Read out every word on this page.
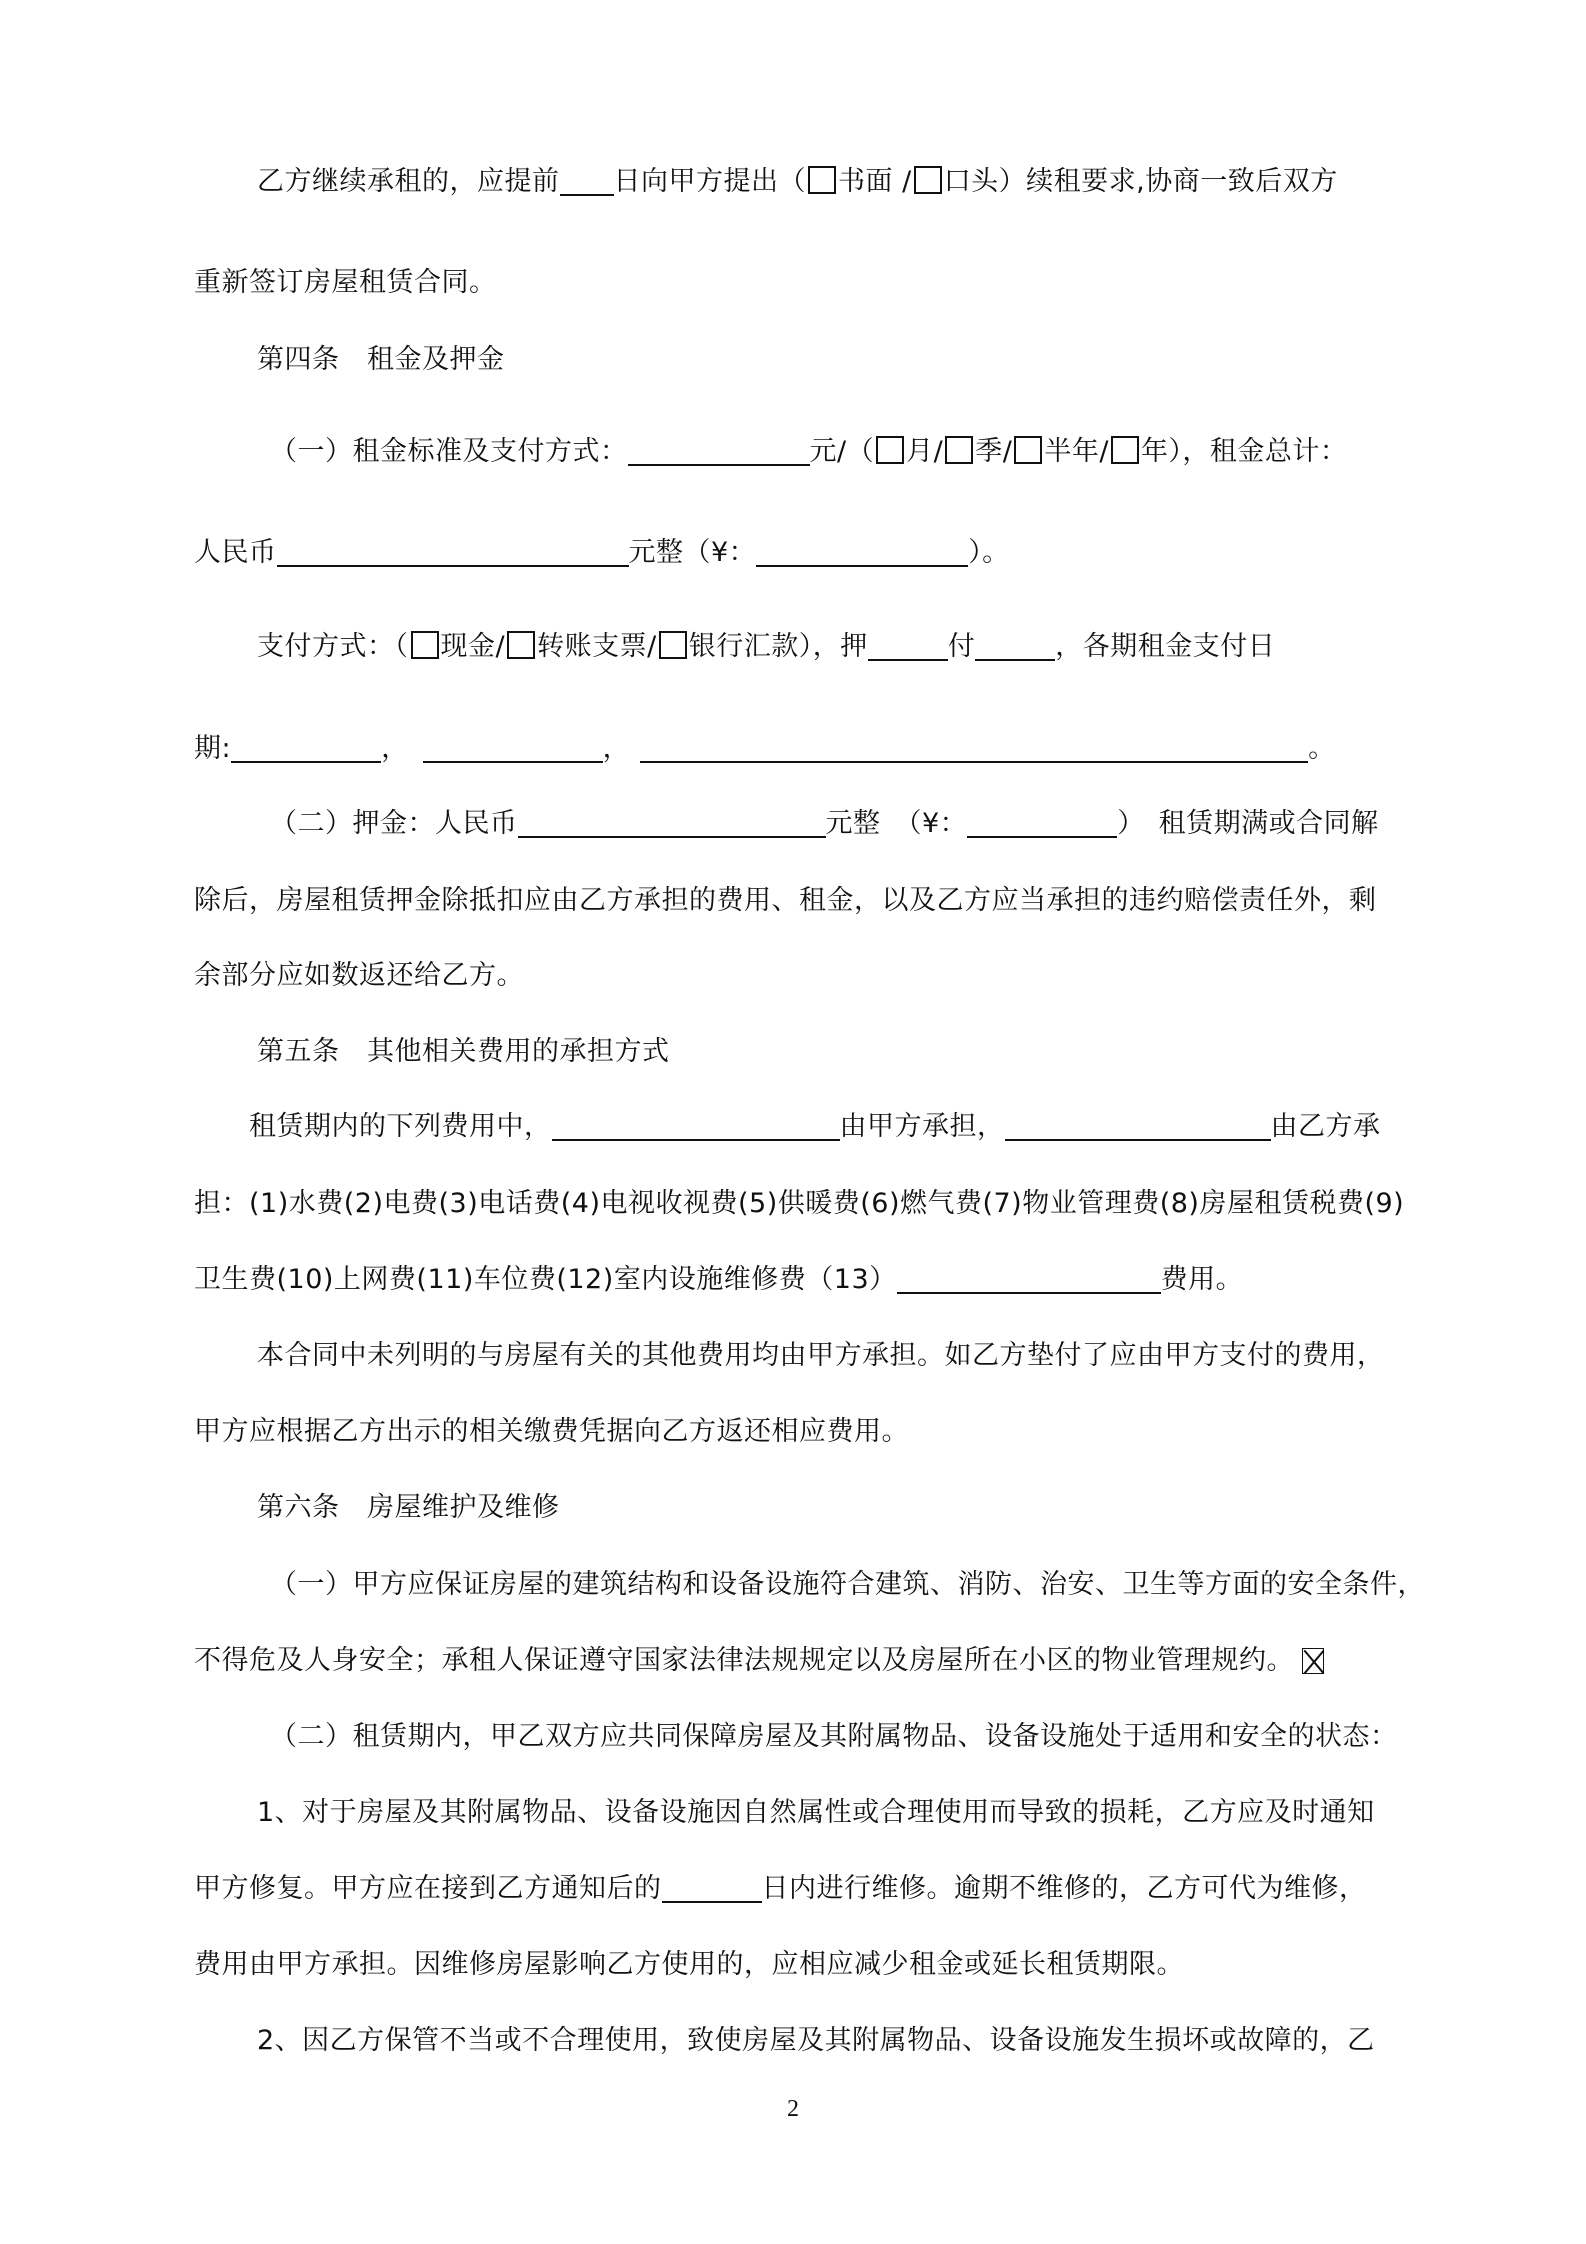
乙方继续承租的，应提前 日向甲方提出（ 书面 / 口头）续租要求,协商一致后双方
重新签订房屋租赁合同。
第四条　租金及押金
（一）租金标准及支付方式：	元/（ 月/ 季/ 半年/ 年），租金总计：
人民币	元整（¥：	）。
支付方式：（ 现金/ 转账支票/ 银行汇款），押	付	，各期租金支付日
期:	，	，	。
（二）押金：人民币	元整　（¥：	）　租赁期满或合同解
除后，房屋租赁押金除抵扣应由乙方承担的费用、租金，以及乙方应当承担的违约赔偿责任外，剩
余部分应如数返还给乙方。
第五条　其他相关费用的承担方式
租赁期内的下列费用中，	由甲方承担，	由乙方承
担：(1)水费(2)电费(3)电话费(4)电视收视费(5)供暖费(6)燃气费(7)物业管理费(8)房屋租赁税费(9)
卫生费(10)上网费(11)车位费(12)室内设施维修费（13）	费用。
本合同中未列明的与房屋有关的其他费用均由甲方承担。如乙方垫付了应由甲方支付的费用，
甲方应根据乙方出示的相关缴费凭据向乙方返还相应费用。
第六条　房屋维护及维修
（一）甲方应保证房屋的建筑结构和设备设施符合建筑、消防、治安、卫生等方面的安全条件，
不得危及人身安全；承租人保证遵守国家法律法规规定以及房屋所在小区的物业管理规约。
（二）租赁期内，甲乙双方应共同保障房屋及其附属物品、设备设施处于适用和安全的状态：
1、对于房屋及其附属物品、设备设施因自然属性或合理使用而导致的损耗，乙方应及时通知
甲方修复。甲方应在接到乙方通知后的	日内进行维修。逾期不维修的，乙方可代为维修，
费用由甲方承担。因维修房屋影响乙方使用的，应相应减少租金或延长租赁期限。
2、因乙方保管不当或不合理使用，致使房屋及其附属物品、设备设施发生损坏或故障的，乙
2
